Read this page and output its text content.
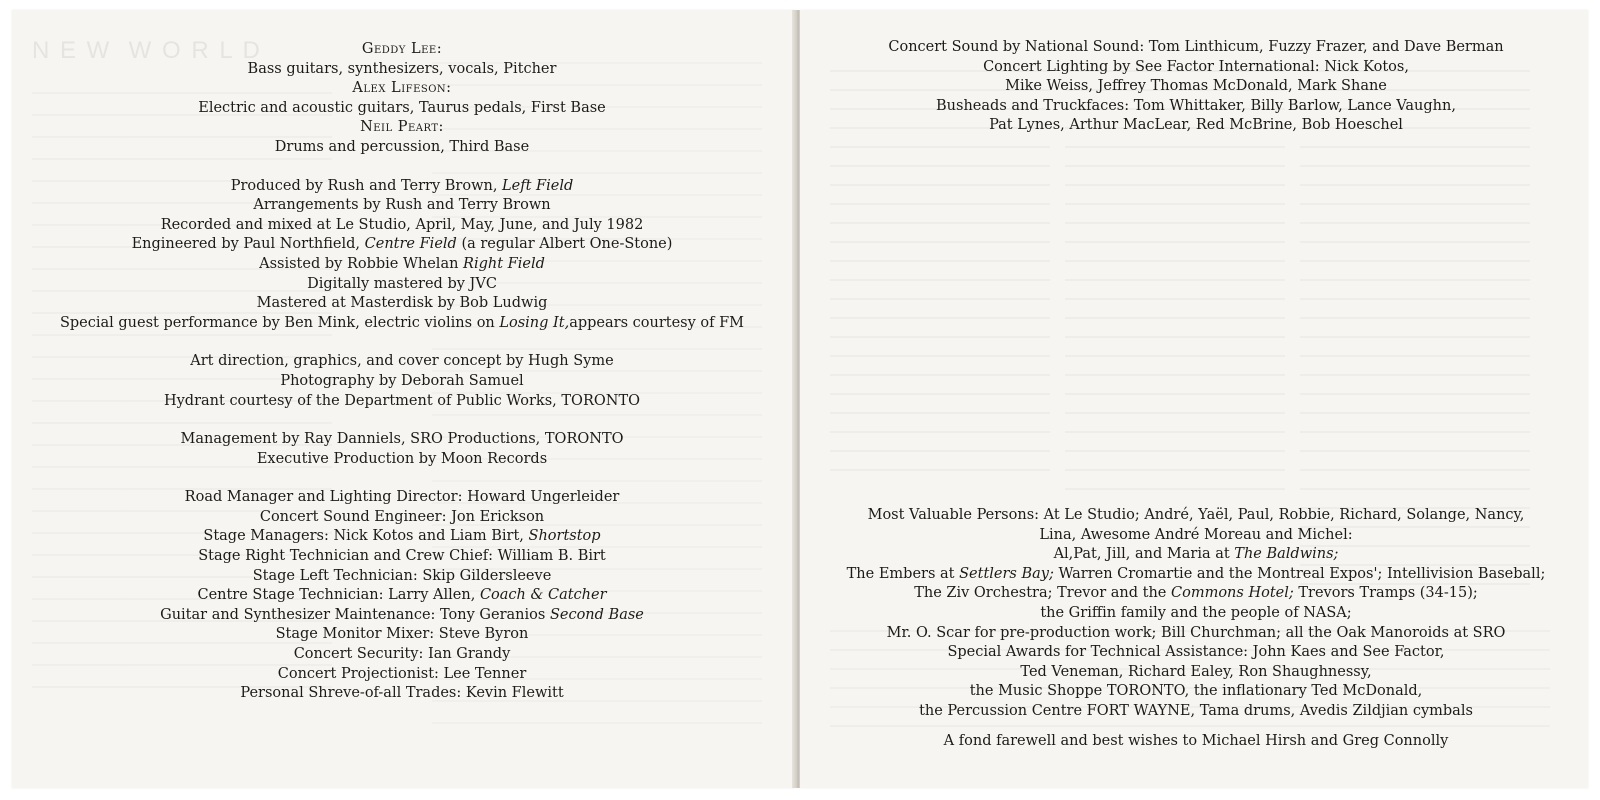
N E W  W O R L D	Geddy Lee:
Bass guitars, synthesizers, vocals, Pitcher
Alex Lifeson:
Electric and acoustic guitars, Taurus pedals, First Base
Neil Peart:
Drums and percussion, Third Base
Produced by Rush and Terry Brown, Left Field
Arrangements by Rush and Terry Brown
Recorded and mixed at Le Studio, April, May, June, and July 1982
Engineered by Paul Northfield, Centre Field (a regular Albert One-Stone)
Assisted by Robbie Whelan Right Field
Digitally mastered by JVC
Mastered at Masterdisk by Bob Ludwig
Special guest performance by Ben Mink, electric violins on Losing It,appears courtesy of FM
Art direction, graphics, and cover concept by Hugh Syme
Photography by Deborah Samuel
Hydrant courtesy of the Department of Public Works, TORONTO
Management by Ray Danniels, SRO Productions, TORONTO
Executive Production by Moon Records
Road Manager and Lighting Director: Howard Ungerleider
Concert Sound Engineer: Jon Erickson
Stage Managers: Nick Kotos and Liam Birt, Shortstop
Stage Right Technician and Crew Chief: William B. Birt
Stage Left Technician: Skip Gildersleeve
Centre Stage Technician: Larry Allen, Coach & Catcher
Guitar and Synthesizer Maintenance: Tony Geranios Second Base
Stage Monitor Mixer: Steve Byron
Concert Security: Ian Grandy
Concert Projectionist: Lee Tenner
Personal Shreve-of-all Trades: Kevin Flewitt
Concert Sound by National Sound: Tom Linthicum, Fuzzy Frazer, and Dave Berman
Concert Lighting by See Factor International: Nick Kotos,
Mike Weiss, Jeffrey Thomas McDonald, Mark Shane
Busheads and Truckfaces: Tom Whittaker, Billy Barlow, Lance Vaughn,
Pat Lynes, Arthur MacLear, Red McBrine, Bob Hoeschel
Most Valuable Persons: At Le Studio; André, Yaël, Paul, Robbie, Richard, Solange, Nancy,
Lina, Awesome André Moreau and Michel:
Al,Pat, Jill, and Maria at The Baldwins;
The Embers at Settlers Bay; Warren Cromartie and the Montreal Expos'; Intellivision Baseball;
The Ziv Orchestra; Trevor and the Commons Hotel; Trevors Tramps (34-15);
the Griffin family and the people of NASA;
Mr. O. Scar for pre-production work; Bill Churchman; all the Oak Manoroids at SRO
Special Awards for Technical Assistance: John Kaes and See Factor,
Ted Veneman, Richard Ealey, Ron Shaughnessy,
the Music Shoppe TORONTO, the inflationary Ted McDonald,
the Percussion Centre FORT WAYNE, Tama drums, Avedis Zildjian cymbals
A fond farewell and best wishes to Michael Hirsh and Greg Connolly
